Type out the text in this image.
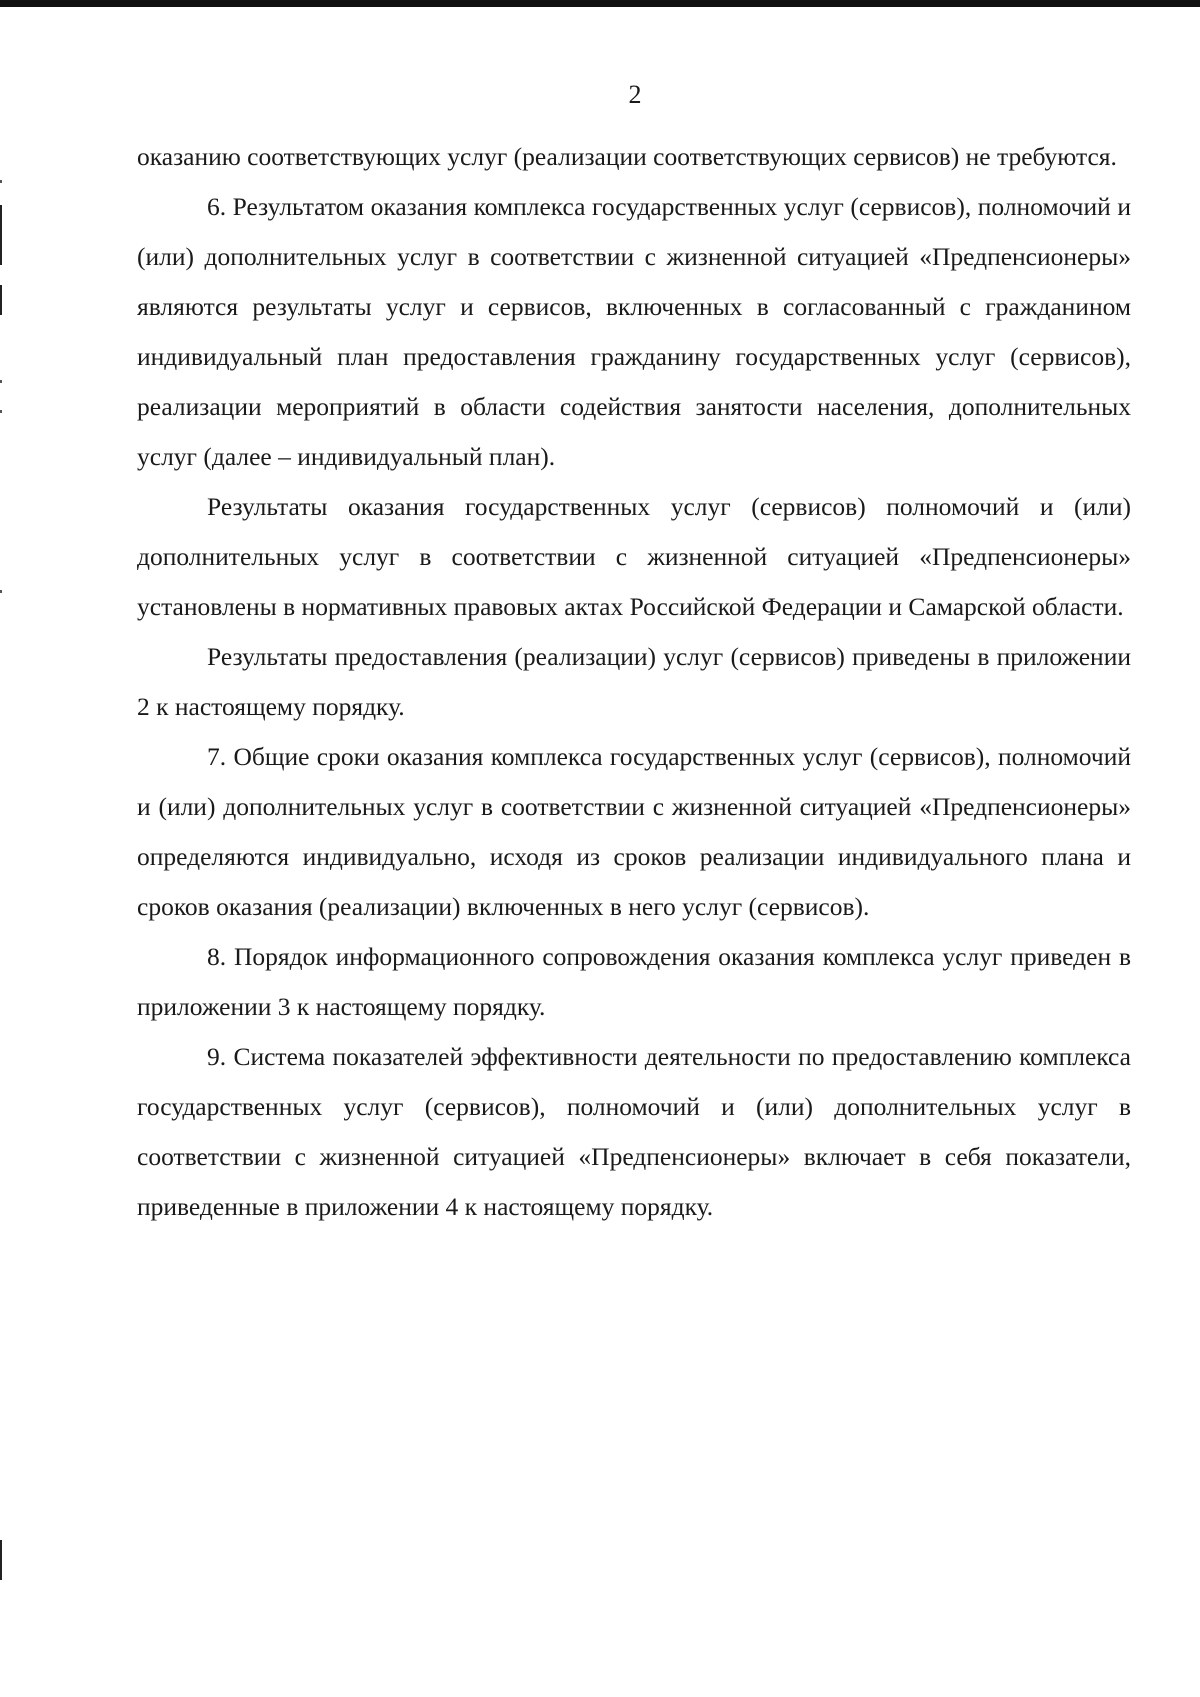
2

оказанию соответствующих услуг (реализации соответствующих сервисов) не требуются.

6. Результатом оказания комплекса государственных услуг (сервисов), полномочий и (или) дополнительных услуг в соответствии с жизненной ситуацией «Предпенсионеры» являются результаты услуг и сервисов, включенных в согласованный с гражданином индивидуальный план предоставления гражданину государственных услуг (сервисов), реализации мероприятий в области содействия занятости населения, дополнительных услуг (далее – индивидуальный план).

Результаты оказания государственных услуг (сервисов) полномочий и (или) дополнительных услуг в соответствии с жизненной ситуацией «Предпенсионеры» установлены в нормативных правовых актах Российской Федерации и Самарской области.

Результаты предоставления (реализации) услуг (сервисов) приведены в приложении 2 к настоящему порядку.

7. Общие сроки оказания комплекса государственных услуг (сервисов), полномочий и (или) дополнительных услуг в соответствии с жизненной ситуацией «Предпенсионеры» определяются индивидуально, исходя из сроков реализации индивидуального плана и сроков оказания (реализации) включенных в него услуг (сервисов).

8. Порядок информационного сопровождения оказания комплекса услуг приведен в приложении 3 к настоящему порядку.

9. Система показателей эффективности деятельности по предоставлению комплекса государственных услуг (сервисов), полномочий и (или) дополнительных услуг в соответствии с жизненной ситуацией «Предпенсионеры» включает в себя показатели, приведенные в приложении 4 к настоящему порядку.
